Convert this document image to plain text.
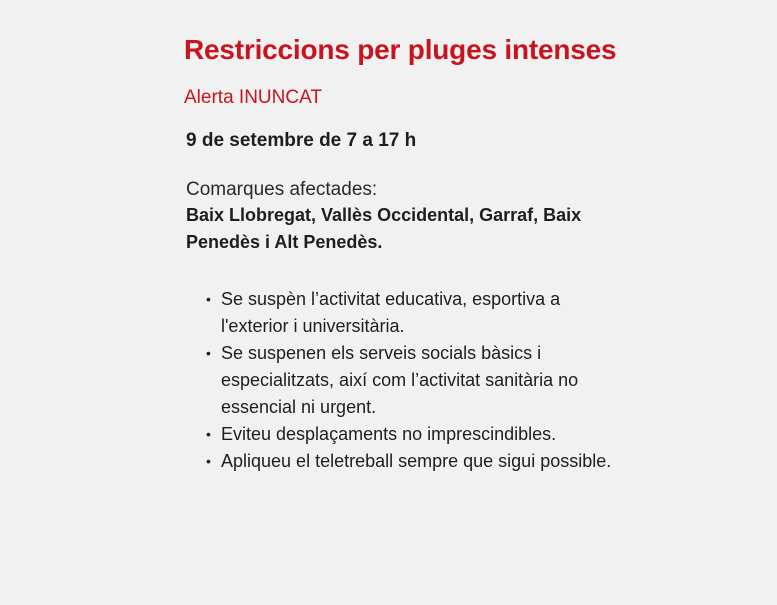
Restriccions per pluges intenses
Alerta INUNCAT
9 de setembre de 7 a 17 h
Comarques afectades:
Baix Llobregat, Vallès Occidental, Garraf, Baix Penedès i Alt Penedès.
• Se suspèn l’activitat educativa, esportiva a l'exterior i universitària.
• Se suspenen els serveis socials bàsics i especialitzats, així com l’activitat sanitària no essencial ni urgent.
• Eviteu desplaçaments no imprescindibles.
• Apliqueu el teletreball sempre que sigui possible.
